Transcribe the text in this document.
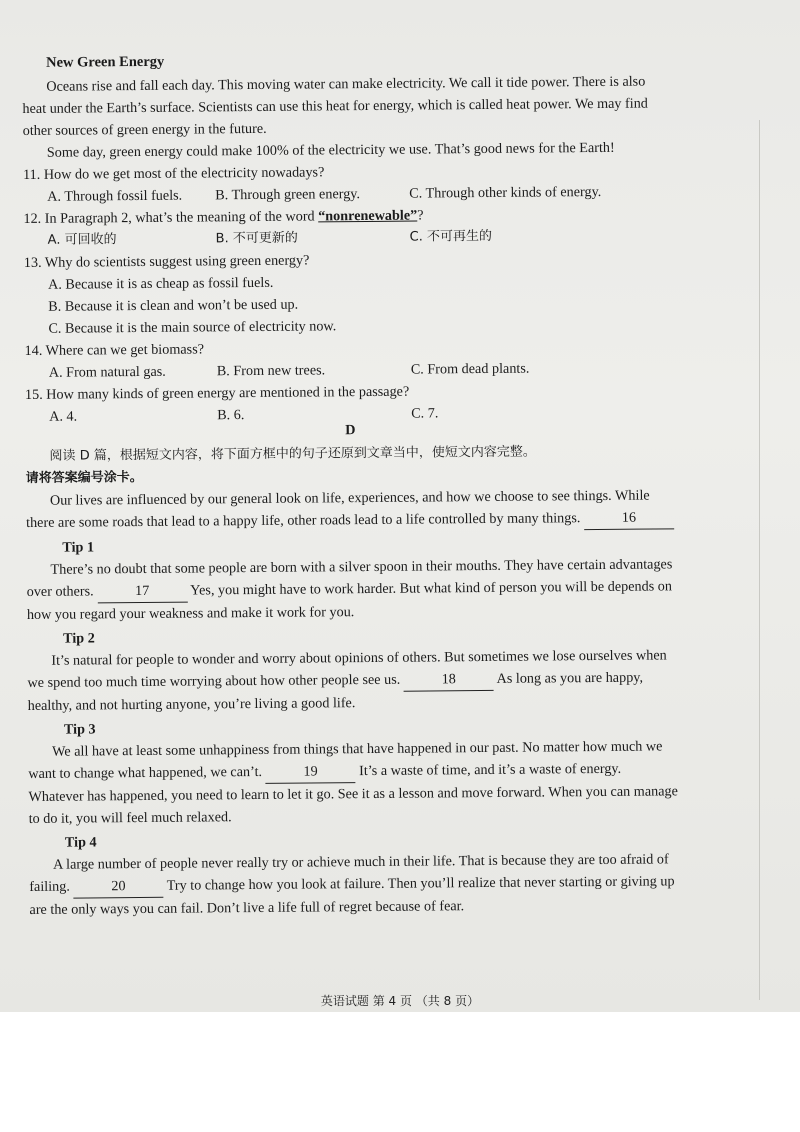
New Green Energy

Oceans rise and fall each day. This moving water can make electricity. We call it tide power. There is also heat under the Earth’s surface. Scientists can use this heat for energy, which is called heat power. We may find other sources of green energy in the future.

Some day, green energy could make 100% of the electricity we use. That’s good news for the Earth!

11. How do we get most of the electricity nowadays?

A. Through fossil fuels.	B. Through green energy.	C. Through other kinds of energy.

12. In Paragraph 2, what’s the meaning of the word “nonrenewable”?

A. 可回收的	B. 不可更新的	C. 不可再生的

13. Why do scientists suggest using green energy?

A. Because it is as cheap as fossil fuels.
B. Because it is clean and won’t be used up.
C. Because it is the main source of electricity now.

14. Where can we get biomass?

A. From natural gas.	B. From new trees.	C. From dead plants.

15. How many kinds of green energy are mentioned in the passage?

A. 4.	B. 6.	C. 7.
D
阅读 D 篇，根据短文内容，将下面方框中的句子还原到文章当中，使短文内容完整。
请将答案编号涂卡。

Our lives are influenced by our general look on life, experiences, and how we choose to see things. While there are some roads that lead to a happy life, other roads lead to a life controlled by many things.	16

Tip 1

There’s no doubt that some people are born with a silver spoon in their mouths. They have certain advantages over others.	17	Yes, you might have to work harder. But what kind of person you will be depends on how you regard your weakness and make it work for you.

Tip 2

It’s natural for people to wonder and worry about opinions of others. But sometimes we lose ourselves when we spend too much time worrying about how other people see us.	18	As long as you are happy, healthy, and not hurting anyone, you’re living a good life.

Tip 3

We all have at least some unhappiness from things that have happened in our past. No matter how much we want to change what happened, we can’t.	19	It’s a waste of time, and it’s a waste of energy. Whatever has happened, you need to learn to let it go. See it as a lesson and move forward. When you can manage to do it, you will feel much relaxed.

Tip 4

A large number of people never really try or achieve much in their life. That is because they are too afraid of failing.	20	Try to change how you look at failure. Then you’ll realize that never starting or giving up are the only ways you can fail. Don’t live a life full of regret because of fear.

英语试题 第 4 页 （共 8 页）
